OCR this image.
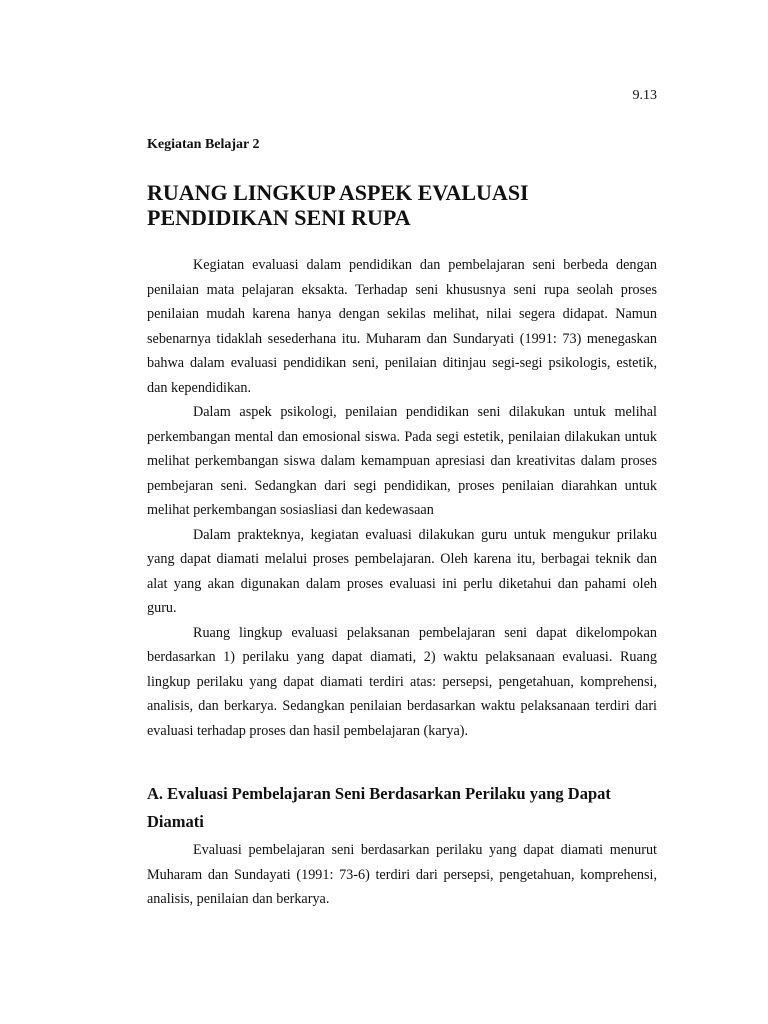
9.13
Kegiatan Belajar 2
RUANG LINGKUP ASPEK EVALUASI PENDIDIKAN SENI RUPA

Kegiatan evaluasi dalam pendidikan dan pembelajaran seni berbeda dengan penilaian mata pelajaran eksakta. Terhadap seni khususnya seni rupa seolah proses penilaian mudah karena hanya dengan sekilas melihat, nilai segera didapat. Namun sebenarnya tidaklah sesederhana itu. Muharam dan Sundaryati (1991: 73) menegaskan bahwa dalam evaluasi pendidikan seni, penilaian ditinjau segi-segi psikologis, estetik, dan kependidikan.

Dalam aspek psikologi, penilaian pendidikan seni dilakukan untuk melihal perkembangan mental dan emosional siswa. Pada segi estetik, penilaian dilakukan untuk melihat perkembangan siswa dalam kemampuan apresiasi dan kreativitas dalam proses pembejaran seni. Sedangkan dari segi pendidikan, proses penilaian diarahkan untuk melihat perkembangan sosiasliasi dan kedewasaan

Dalam prakteknya, kegiatan evaluasi dilakukan guru untuk mengukur prilaku yang dapat diamati melalui proses pembelajaran. Oleh karena itu, berbagai teknik dan alat yang akan digunakan dalam proses evaluasi ini perlu diketahui dan pahami oleh guru.

Ruang lingkup evaluasi pelaksanan pembelajaran seni dapat dikelompokan berdasarkan 1) perilaku yang dapat diamati, 2) waktu pelaksanaan evaluasi. Ruang lingkup perilaku yang dapat diamati terdiri atas: persepsi, pengetahuan, komprehensi, analisis, dan berkarya. Sedangkan penilaian berdasarkan waktu pelaksanaan terdiri dari evaluasi terhadap proses dan hasil pembelajaran (karya).

A. Evaluasi Pembelajaran Seni Berdasarkan Perilaku yang Dapat Diamati

Evaluasi pembelajaran seni berdasarkan perilaku yang dapat diamati menurut Muharam dan Sundayati (1991: 73-6) terdiri dari persepsi, pengetahuan, komprehensi, analisis, penilaian dan berkarya.
